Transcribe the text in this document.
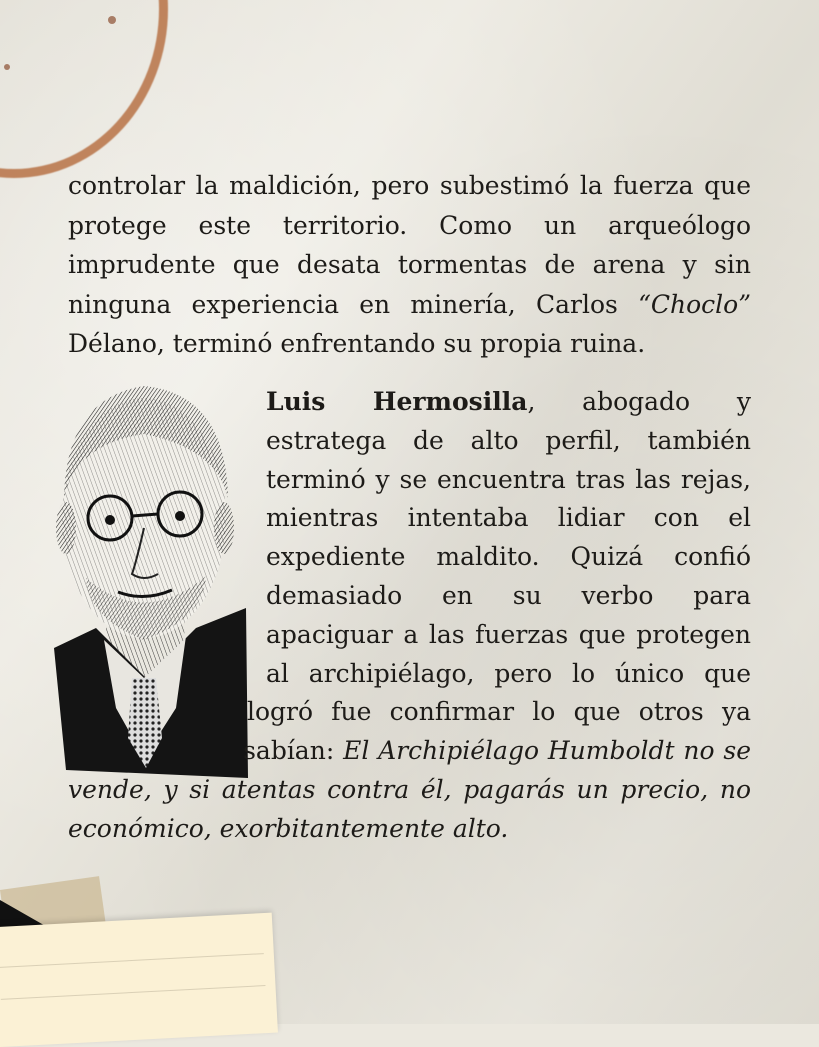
controlar la maldición, pero subestimó la fuerza que protege este territorio. Como un arqueólogo imprudente que desata tormentas de arena y sin ninguna experiencia en minería, Carlos “Choclo” Délano, terminó enfrentando su propia ruina.

Luis Hermosilla, abogado y estratega de alto perfil, también terminó y se encuentra tras las rejas, mientras intentaba lidiar con el expediente maldito. Quizá confió demasiado en su verbo para apaciguar a las fuerzas que protegen al archipiélago, pero lo único que logró fue confirmar lo que otros ya sabían: El Archipiélago Humboldt no se vende, y si atentas contra él, pagarás un precio, no económico, exorbitantemente alto.
